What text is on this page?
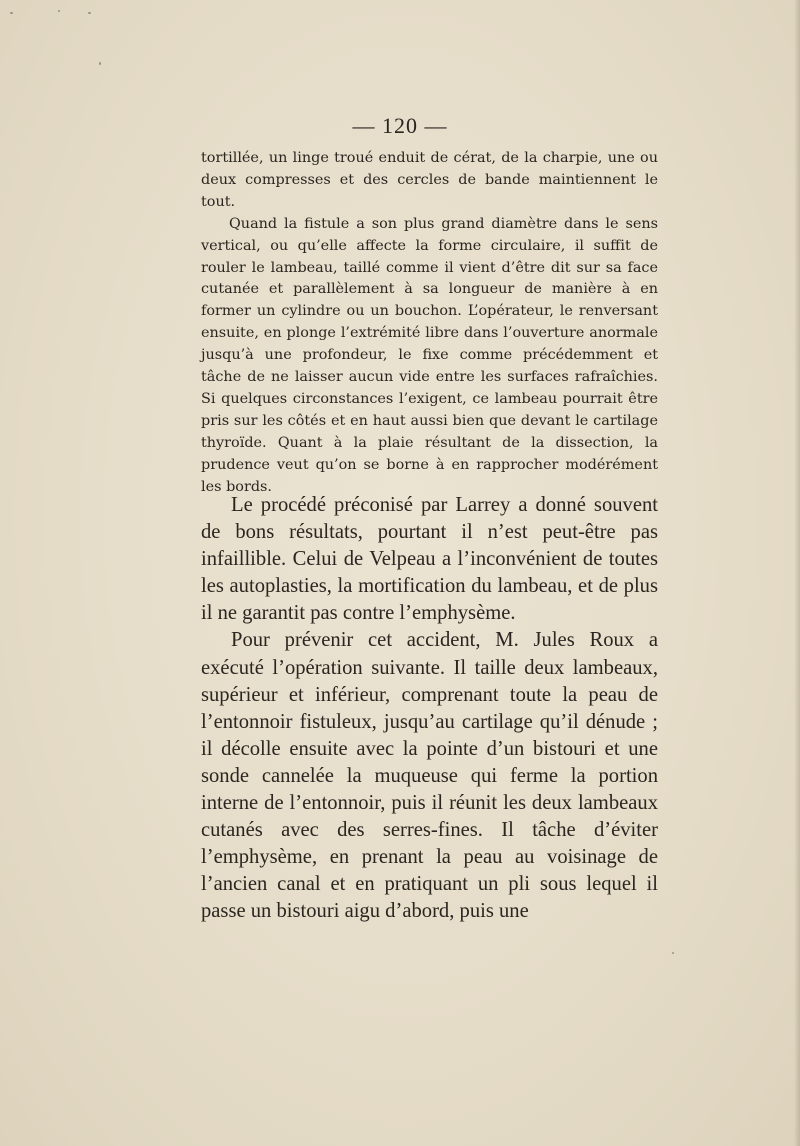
— 120 —

tortillée, un linge troué enduit de cérat, de la charpie, une ou deux compresses et des cercles de bande maintiennent le tout.

Quand la fistule a son plus grand diamètre dans le sens vertical, ou qu’elle affecte la forme circulaire, il suffit de rouler le lambeau, taillé comme il vient d’être dit sur sa face cutanée et parallèlement à sa longueur de manière à en former un cylindre ou un bouchon. L’opérateur, le renversant ensuite, en plonge l’extrémité libre dans l’ouverture anormale jusqu’à une profondeur, le fixe comme précédemment et tâche de ne laisser aucun vide entre les surfaces rafraîchies. Si quelques circonstances l’exigent, ce lambeau pourrait être pris sur les côtés et en haut aussi bien que devant le cartilage thyroïde. Quant à la plaie résultant de la dissection, la prudence veut qu’on se borne à en rapprocher modérément les bords.

Le procédé préconisé par Larrey a donné souvent de bons résultats, pourtant il n’est peut-être pas infaillible. Celui de Velpeau a l’inconvénient de toutes les autoplasties, la mortification du lambeau, et de plus il ne garantit pas contre l’emphysème.

Pour prévenir cet accident, M. Jules Roux a exécuté l’opération suivante. Il taille deux lambeaux, supérieur et inférieur, comprenant toute la peau de l’entonnoir fistuleux, jusqu’au cartilage qu’il dénude ; il décolle ensuite avec la pointe d’un bistouri et une sonde cannelée la muqueuse qui ferme la portion interne de l’entonnoir, puis il réunit les deux lambeaux cutanés avec des serres-fines. Il tâche d’éviter l’emphysème, en prenant la peau au voisinage de l’ancien canal et en pratiquant un pli sous lequel il passe un bistouri aigu d’abord, puis une
